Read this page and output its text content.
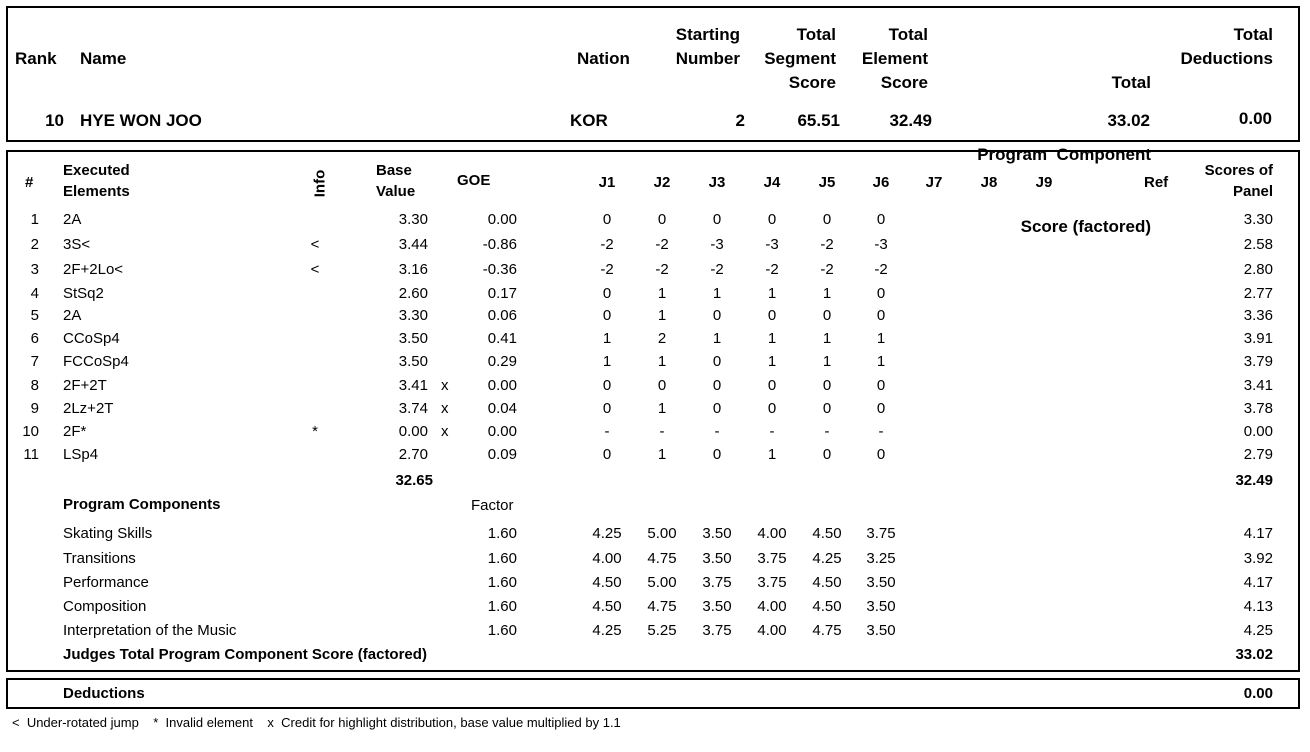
Rank Name	Nation
Starting
Number
Total
Segment
Score
Total
Element
Score

	Total

Program  Component

Score (factored)

Total
Deductions
10 HYE WON JOO	KOR	2	65.51	32.49	33.02	0.00
#
Executed
Elements	Info	Base
Value
GOE	J1	J2	J3	J4	J5	J6	J7	J8	J9	Ref
Scores of
Panel
1 2A	3.30	0.00	0	0	0	0	0	0	3.30
2 3S<	<	3.44	-0.86	-2	-2	-3	-3	-2	-3	2.58
3 2F+2Lo<	<	3.16	-0.36	-2	-2	-2	-2	-2	-2	2.80
4 StSq2	2.60	0.17	0	1	1	1	1	0	2.77
5 2A	3.30	0.06	0	1	0	0	0	0	3.36
6 CCoSp4	3.50	0.41	1	2	1	1	1	1	3.91
7 FCCoSp4	3.50	0.29	1	1	0	1	1	1	3.79
8 2F+2T	3.41 x	0.00	0	0	0	0	0	0	3.41
9 2Lz+2T	3.74 x	0.04	0	1	0	0	0	0	3.78
10 2F*	*	0.00 x	0.00	-	-	-	-	-	-	0.00
11 LSp4	2.70	0.09	0	1	0	1	0	0	2.79
32.65	32.49
Program Components	Factor
Skating Skills	1.60	4.25	5.00	3.50	4.00	4.50	3.75	4.17
Transitions	1.60	4.00	4.75	3.50	3.75	4.25	3.25	3.92
Performance	1.60	4.50	5.00	3.75	3.75	4.50	3.50	4.17
Composition	1.60	4.50	4.75	3.50	4.00	4.50	3.50	4.13
Interpretation of the Music	1.60	4.25	5.25	3.75	4.00	4.75	3.50	4.25
Judges Total Program Component Score (factored)	33.02
Deductions	0.00
<  Under-rotated jump    *  Invalid element    x  Credit for highlight distribution, base value multiplied by 1.1
